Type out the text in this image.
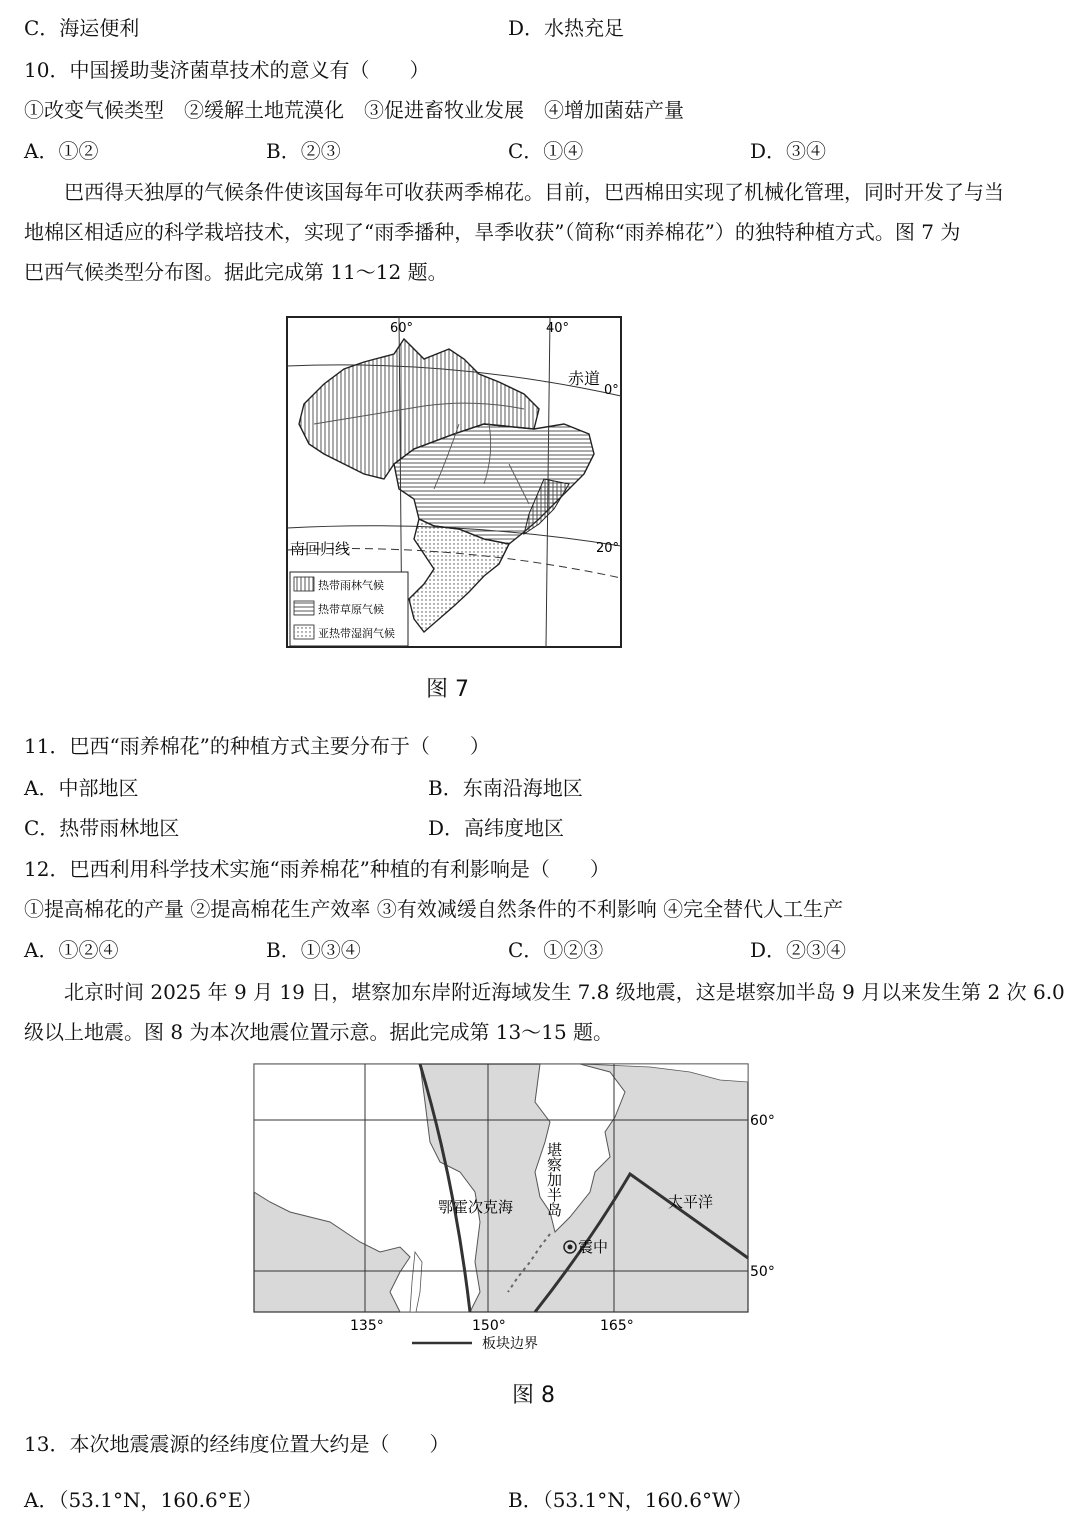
C．海运便利	D．水热充足
10．中国援助斐济菌草技术的意义有（　　）
①改变气候类型　②缓解土地荒漠化　③促进畜牧业发展　④增加菌菇产量
A．①②	B．②③	C．①④	D．③④
巴西得天独厚的气候条件使该国每年可收获两季棉花。目前，巴西棉田实现了机械化管理，同时开发了与当
地棉区相适应的科学栽培技术，实现了“雨季播种，旱季收获”（简称“雨养棉花”）的独特种植方式。图 7 为
巴西气候类型分布图。据此完成第 11～12 题。
60°	40°
赤道
0°
南回归线	20°
热带雨林气候
热带草原气候
亚热带湿润气候
图 7
11．巴西“雨养棉花”的种植方式主要分布于（　　）
A．中部地区	B．东南沿海地区
C．热带雨林地区	D．高纬度地区
12．巴西利用科学技术实施“雨养棉花”种植的有利影响是（　　）
①提高棉花的产量 ②提高棉花生产效率 ③有效减缓自然条件的不利影响 ④完全替代人工生产
A．①②④	B．①③④	C．①②③	D．②③④
北京时间 2025 年 9 月 19 日，堪察加东岸附近海域发生 7.8 级地震，这是堪察加半岛 9 月以来发生第 2 次 6.0
级以上地震。图 8 为本次地震位置示意。据此完成第 13～15 题。
60°
50°
135°	150°	165°
鄂霍次克海	太平洋
震中
堪察加半岛
板块边界
图 8
13．本次地震震源的经纬度位置大约是（　　）
A．（53.1°N，160.6°E）	B．（53.1°N，160.6°W）
